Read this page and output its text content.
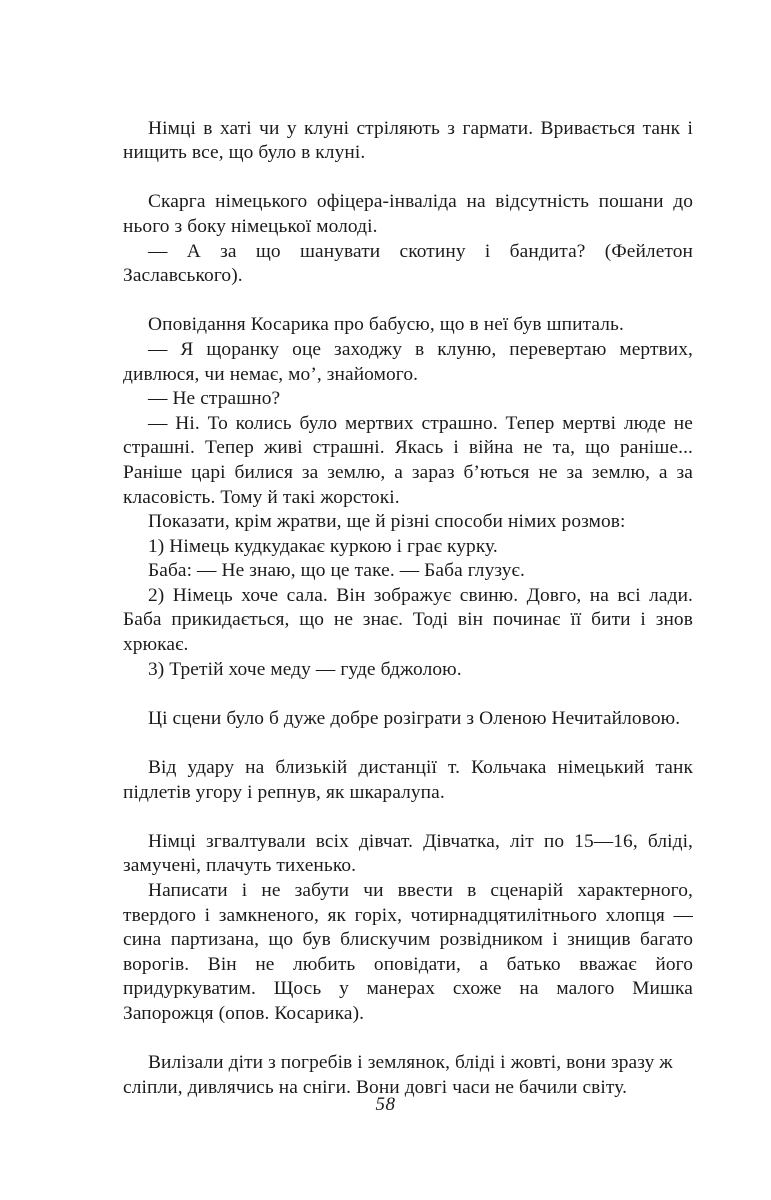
Німці в хаті чи у клуні стріляють з гармати. Вривається танк і нищить все, що було в клуні.

Скарга німецького офіцера-інваліда на відсутність пошани до нього з боку німецької молоді.

— А за що шанувати скотину і бандита? (Фейлетон Заславського).

Оповідання Косарика про бабусю, що в неї був шпиталь.

— Я щоранку оце заходжу в клуню, перевертаю мертвих, дивлюся, чи немає, мо’, знайомого.

— Не страшно?

— Ні. То колись було мертвих страшно. Тепер мертві люде не страшні. Тепер живі страшні. Якась і війна не та, що раніше... Раніше царі билися за землю, а зараз б’ються не за землю, а за класовість. Тому й такі жорстокі.

Показати, крім жратви, ще й різні способи німих розмов:

1) Німець кудкудакає куркою і грає курку.

Баба: — Не знаю, що це таке. — Баба глузує.

2) Німець хоче сала. Він зображує свиню. Довго, на всі лади. Баба прикидається, що не знає. Тоді він починає її бити і знов хрюкає.

3) Третій хоче меду — гуде бджолою.

Ці сцени було б дуже добре розіграти з Оленою Нечитайловою.

Від удару на близькій дистанції т. Кольчака німецький танк підлетів угору і репнув, як шкаралупа.

Німці згвалтували всіх дівчат. Дівчатка, літ по 15—16, бліді, замучені, плачуть тихенько.

Написати і не забути чи ввести в сценарій характерного, твердого і замкненого, як горіх, чотирнадцятилітнього хлопця — сина партизана, що був блискучим розвідником і знищив багато ворогів. Він не любить оповідати, а батько вважає його придуркуватим. Щось у манерах схоже на малого Мишка Запорожця (опов. Косарика).

Вилізали діти з погребів і землянок, бліді і жовті, вони зразу ж сліпли, дивлячись на сніги. Вони довгі часи не бачили світу.

58
